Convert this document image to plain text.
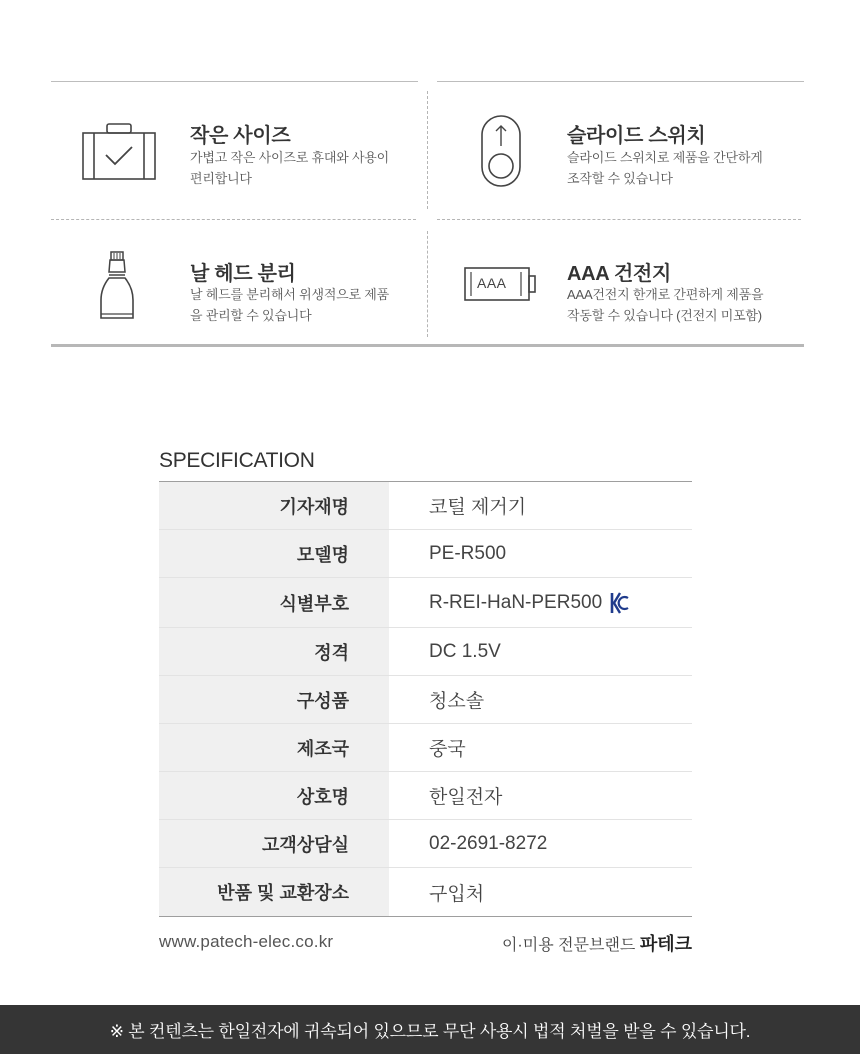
작은 사이즈
가볍고 작은 사이즈로 휴대와 사용이
편리합니다
슬라이드 스위치
슬라이드 스위치로 제품을 간단하게
조작할 수 있습니다
날 헤드 분리
날 헤드를 분리해서 위생적으로 제품
을 관리할 수 있습니다
AAA	AAA 건전지
AAA건전지 한개로 간편하게 제품을
작동할 수 있습니다 (건전지 미포함)
SPECIFICATION
기자재명	코털 제거기
모델명	PE-R500
식별부호	R-REI-HaN-PER500
정격	DC 1.5V
구성품	청소솔
제조국	중국
상호명	한일전자
고객상담실	02-2691-8272
반품 및 교환장소	구입처
www.patech-elec.co.kr	이·미용 전문브랜드 파테크
※ 본 컨텐츠는 한일전자에 귀속되어 있으므로 무단 사용시 법적 처벌을 받을 수 있습니다.
